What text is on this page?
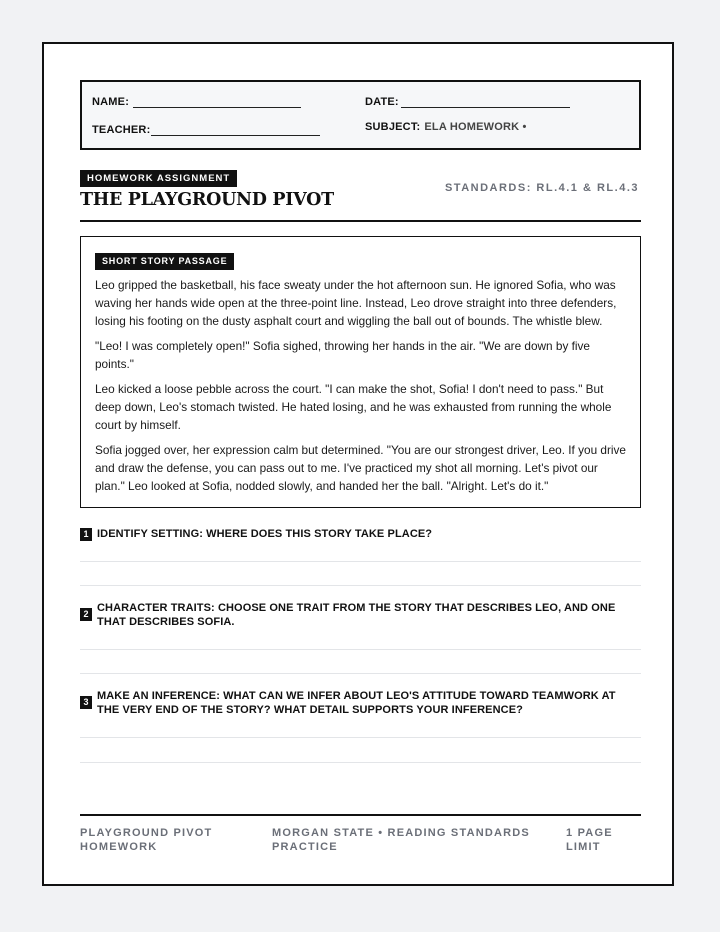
NAME:	DATE:
TEACHER:	SUBJECT: ELA HOMEWORK •
HOMEWORK ASSIGNMENT
THE PLAYGROUND PIVOT
STANDARDS: RL.4.1 & RL.4.3
SHORT STORY PASSAGE

Leo gripped the basketball, his face sweaty under the hot afternoon sun. He ignored Sofia, who was waving her hands wide open at the three-point line. Instead, Leo drove straight into three defenders, losing his footing on the dusty asphalt court and wiggling the ball out of bounds. The whistle blew.

"Leo! I was completely open!" Sofia sighed, throwing her hands in the air. "We are down by five points."

Leo kicked a loose pebble across the court. "I can make the shot, Sofia! I don't need to pass." But deep down, Leo's stomach twisted. He hated losing, and he was exhausted from running the whole court by himself.

Sofia jogged over, her expression calm but determined. "You are our strongest driver, Leo. If you drive and draw the defense, you can pass out to me. I've practiced my shot all morning. Let's pivot our plan." Leo looked at Sofia, nodded slowly, and handed her the ball. "Alright. Let's do it."

1 IDENTIFY SETTING: WHERE DOES THIS STORY TAKE PLACE?
2 CHARACTER TRAITS: CHOOSE ONE TRAIT FROM THE STORY THAT DESCRIBES LEO, AND ONE THAT DESCRIBES SOFIA.
3 MAKE AN INFERENCE: WHAT CAN WE INFER ABOUT LEO'S ATTITUDE TOWARD TEAMWORK AT THE VERY END OF THE STORY? WHAT DETAIL SUPPORTS YOUR INFERENCE?
PLAYGROUND PIVOT HOMEWORK
MORGAN STATE • READING STANDARDS PRACTICE
1 PAGE LIMIT
